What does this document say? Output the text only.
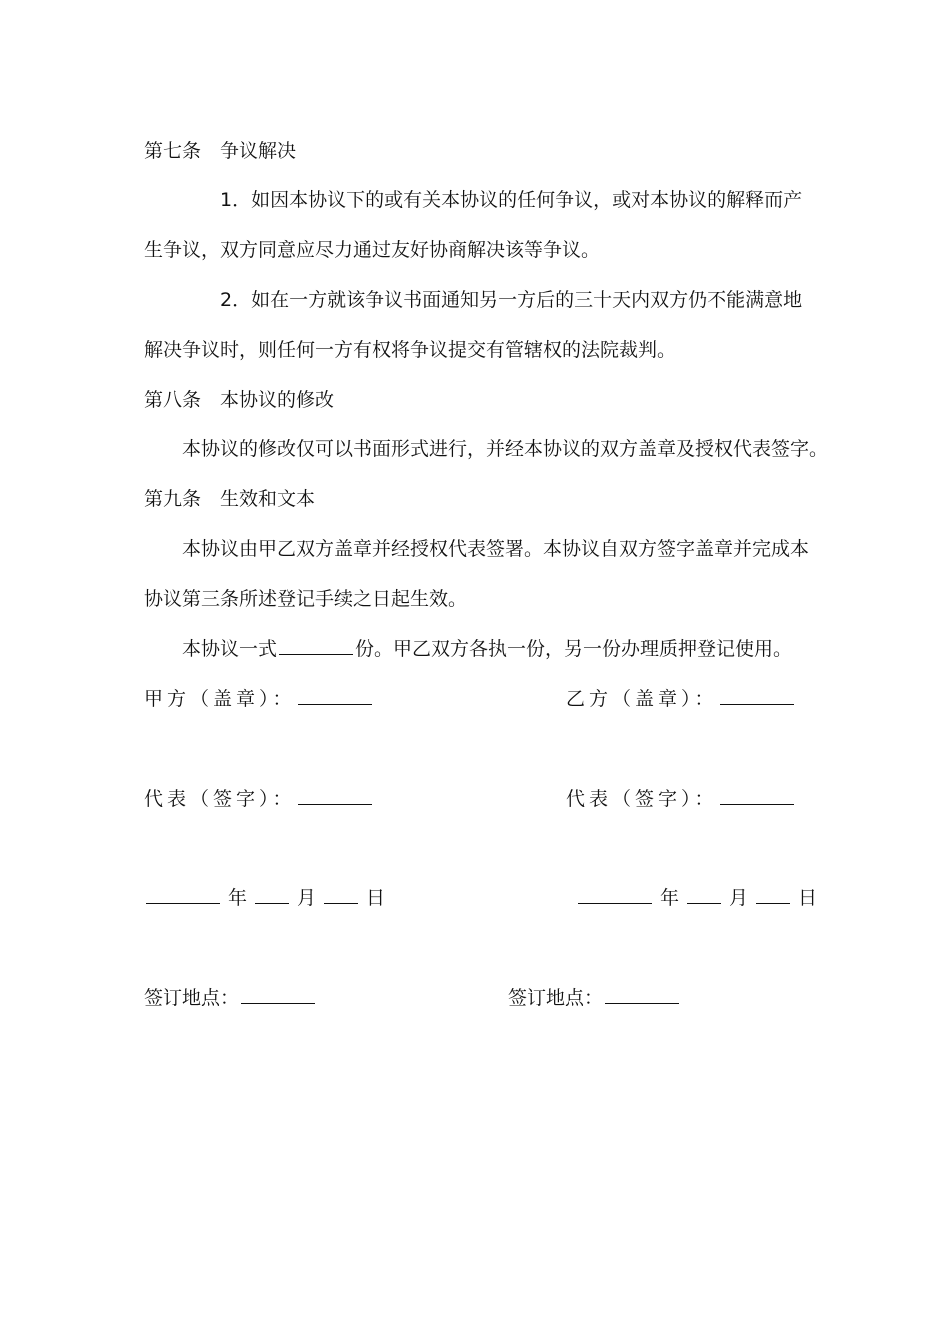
第七条 争议解决
1．如因本协议下的或有关本协议的任何争议，或对本协议的解释而产
生争议，双方同意应尽力通过友好协商解决该等争议。
2．如在一方就该争议书面通知另一方后的三十天内双方仍不能满意地
解决争议时，则任何一方有权将争议提交有管辖权的法院裁判。
第八条 本协议的修改
本协议的修改仅可以书面形式进行，并经本协议的双方盖章及授权代表签字。
第九条 生效和文本
本协议由甲乙双方盖章并经授权代表签署。本协议自双方签字盖章并完成本
协议第三条所述登记手续之日起生效。
本协议一式	份。甲乙双方各执一份，另一份办理质押登记使用。
甲方（盖章）：	乙方（盖章）：
代表（签字）：	代表（签字）：
年	月	日	年	月	日
签订地点：	签订地点：
